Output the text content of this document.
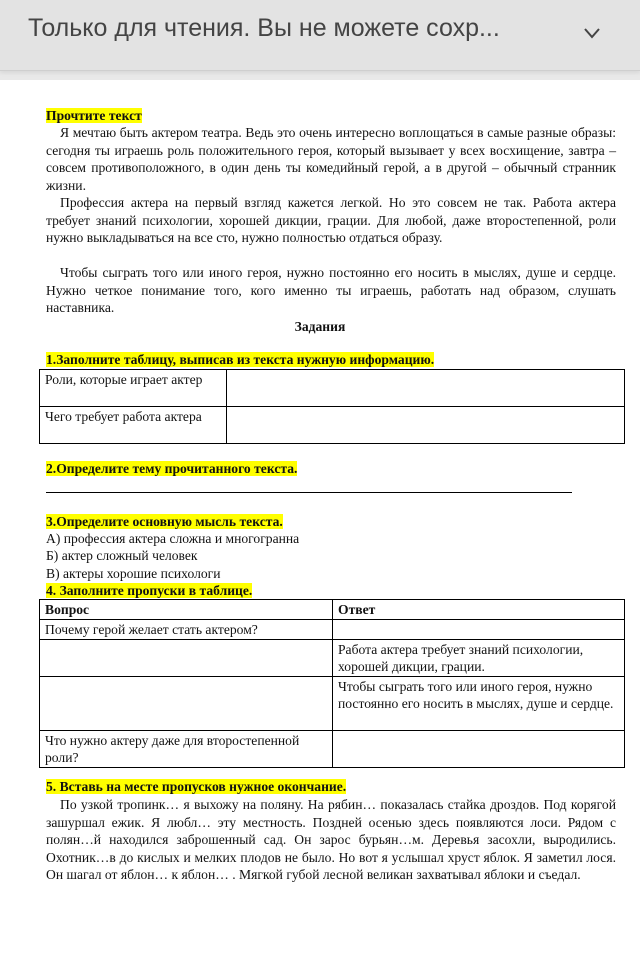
Только для чтения. Вы не можете сохр...
Прочтите текст
Я мечтаю быть актером театра. Ведь это очень интересно воплощаться в самые разные образы: сегодня ты играешь роль положительного героя, который вызывает у всех восхищение, завтра – совсем противоположного, в один день ты комедийный герой, а в другой – обычный странник жизни.
Профессия актера на первый взгляд кажется легкой. Но это совсем не так. Работа актера требует знаний психологии, хорошей дикции, грации. Для любой, даже второстепенной, роли нужно выкладываться на все сто, нужно полностью отдаться образу.
Чтобы сыграть того или иного героя, нужно постоянно его носить в мыслях, душе и сердце. Нужно четкое понимание того, кого именно ты играешь, работать над образом, слушать наставника.
Задания
1.Заполните таблицу, выписав из текста нужную информацию.
Роли, которые играет актер	
Чего требует работа актера	
2.Определите тему прочитанного текста.
3.Определите основную мысль текста.
А) профессия актера сложна и многогранна
Б) актер сложный человек
В) актеры хорошие психологи
4. Заполните пропуски в таблице.
Вопрос	Ответ
Почему герой желает стать актером?	
	Работа актера требует знаний психологии, хорошей дикции, грации.
	Чтобы сыграть того или иного героя, нужно постоянно его носить в мыслях, душе и сердце.
Что нужно актеру даже для второстепенной роли?	
5. Вставь на месте пропусков нужное окончание.
По узкой тропинк… я выхожу на поляну. На рябин… показалась стайка дроздов. Под корягой зашуршал ежик. Я любл… эту местность. Поздней осенью здесь появляются лоси. Рядом с полян…й находился заброшенный сад. Он зарос бурьян…м. Деревья засохли, выродились. Охотник…в до кислых и мелких плодов не было. Но вот я услышал хруст яблок. Я заметил лося. Он шагал от яблон… к яблон… . Мягкой губой лесной великан захватывал яблоки и съедал.
